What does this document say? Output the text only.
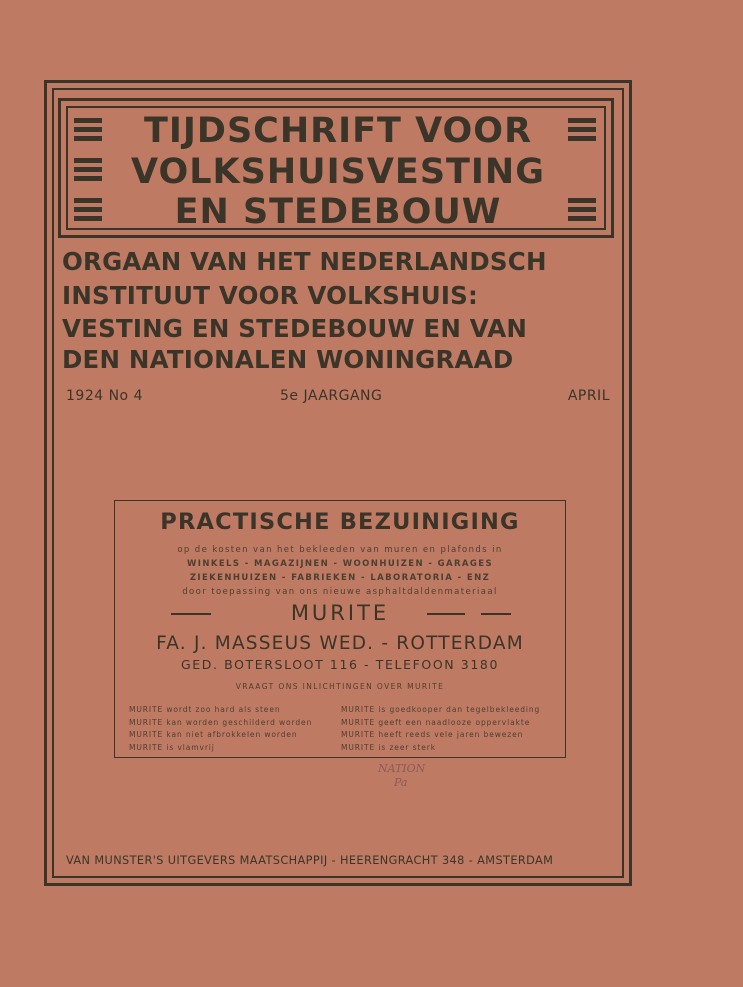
TIJDSCHRIFT VOOR
VOLKSHUISVESTING
EN STEDEBOUW
ORGAAN VAN HET NEDERLANDSCH
INSTITUUT VOOR VOLKSHUIS:
VESTING EN STEDEBOUW EN VAN
DEN NATIONALEN WONINGRAAD
1924 No 4	5e JAARGANG	APRIL
PRACTISCHE BEZUINIGING
op de kosten van het bekleeden van muren en plafonds in
WINKELS - MAGAZIJNEN - WOONHUIZEN - GARAGES
ZIEKENHUIZEN - FABRIEKEN - LABORATORIA - ENZ
door toepassing van ons nieuwe asphaltdaldenmateriaal
MURITE
FA. J. MASSEUS WED. - ROTTERDAM
GED. BOTERSLOOT 116 - TELEFOON 3180
VRAAGT ONS INLICHTINGEN OVER MURITE
MURITE wordt zoo hard als steen
MURITE kan worden geschilderd worden
MURITE kan niet afbrokkelen worden
MURITE is vlamvrij
MURITE is goedkooper dan tegelbekleeding
MURITE geeft een naadlooze oppervlakte
MURITE heeft reeds vele jaren bewezen
MURITE is zeer sterk
NATION
Pa
VAN MUNSTER'S UITGEVERS MAATSCHAPPIJ - HEERENGRACHT 348 - AMSTERDAM
